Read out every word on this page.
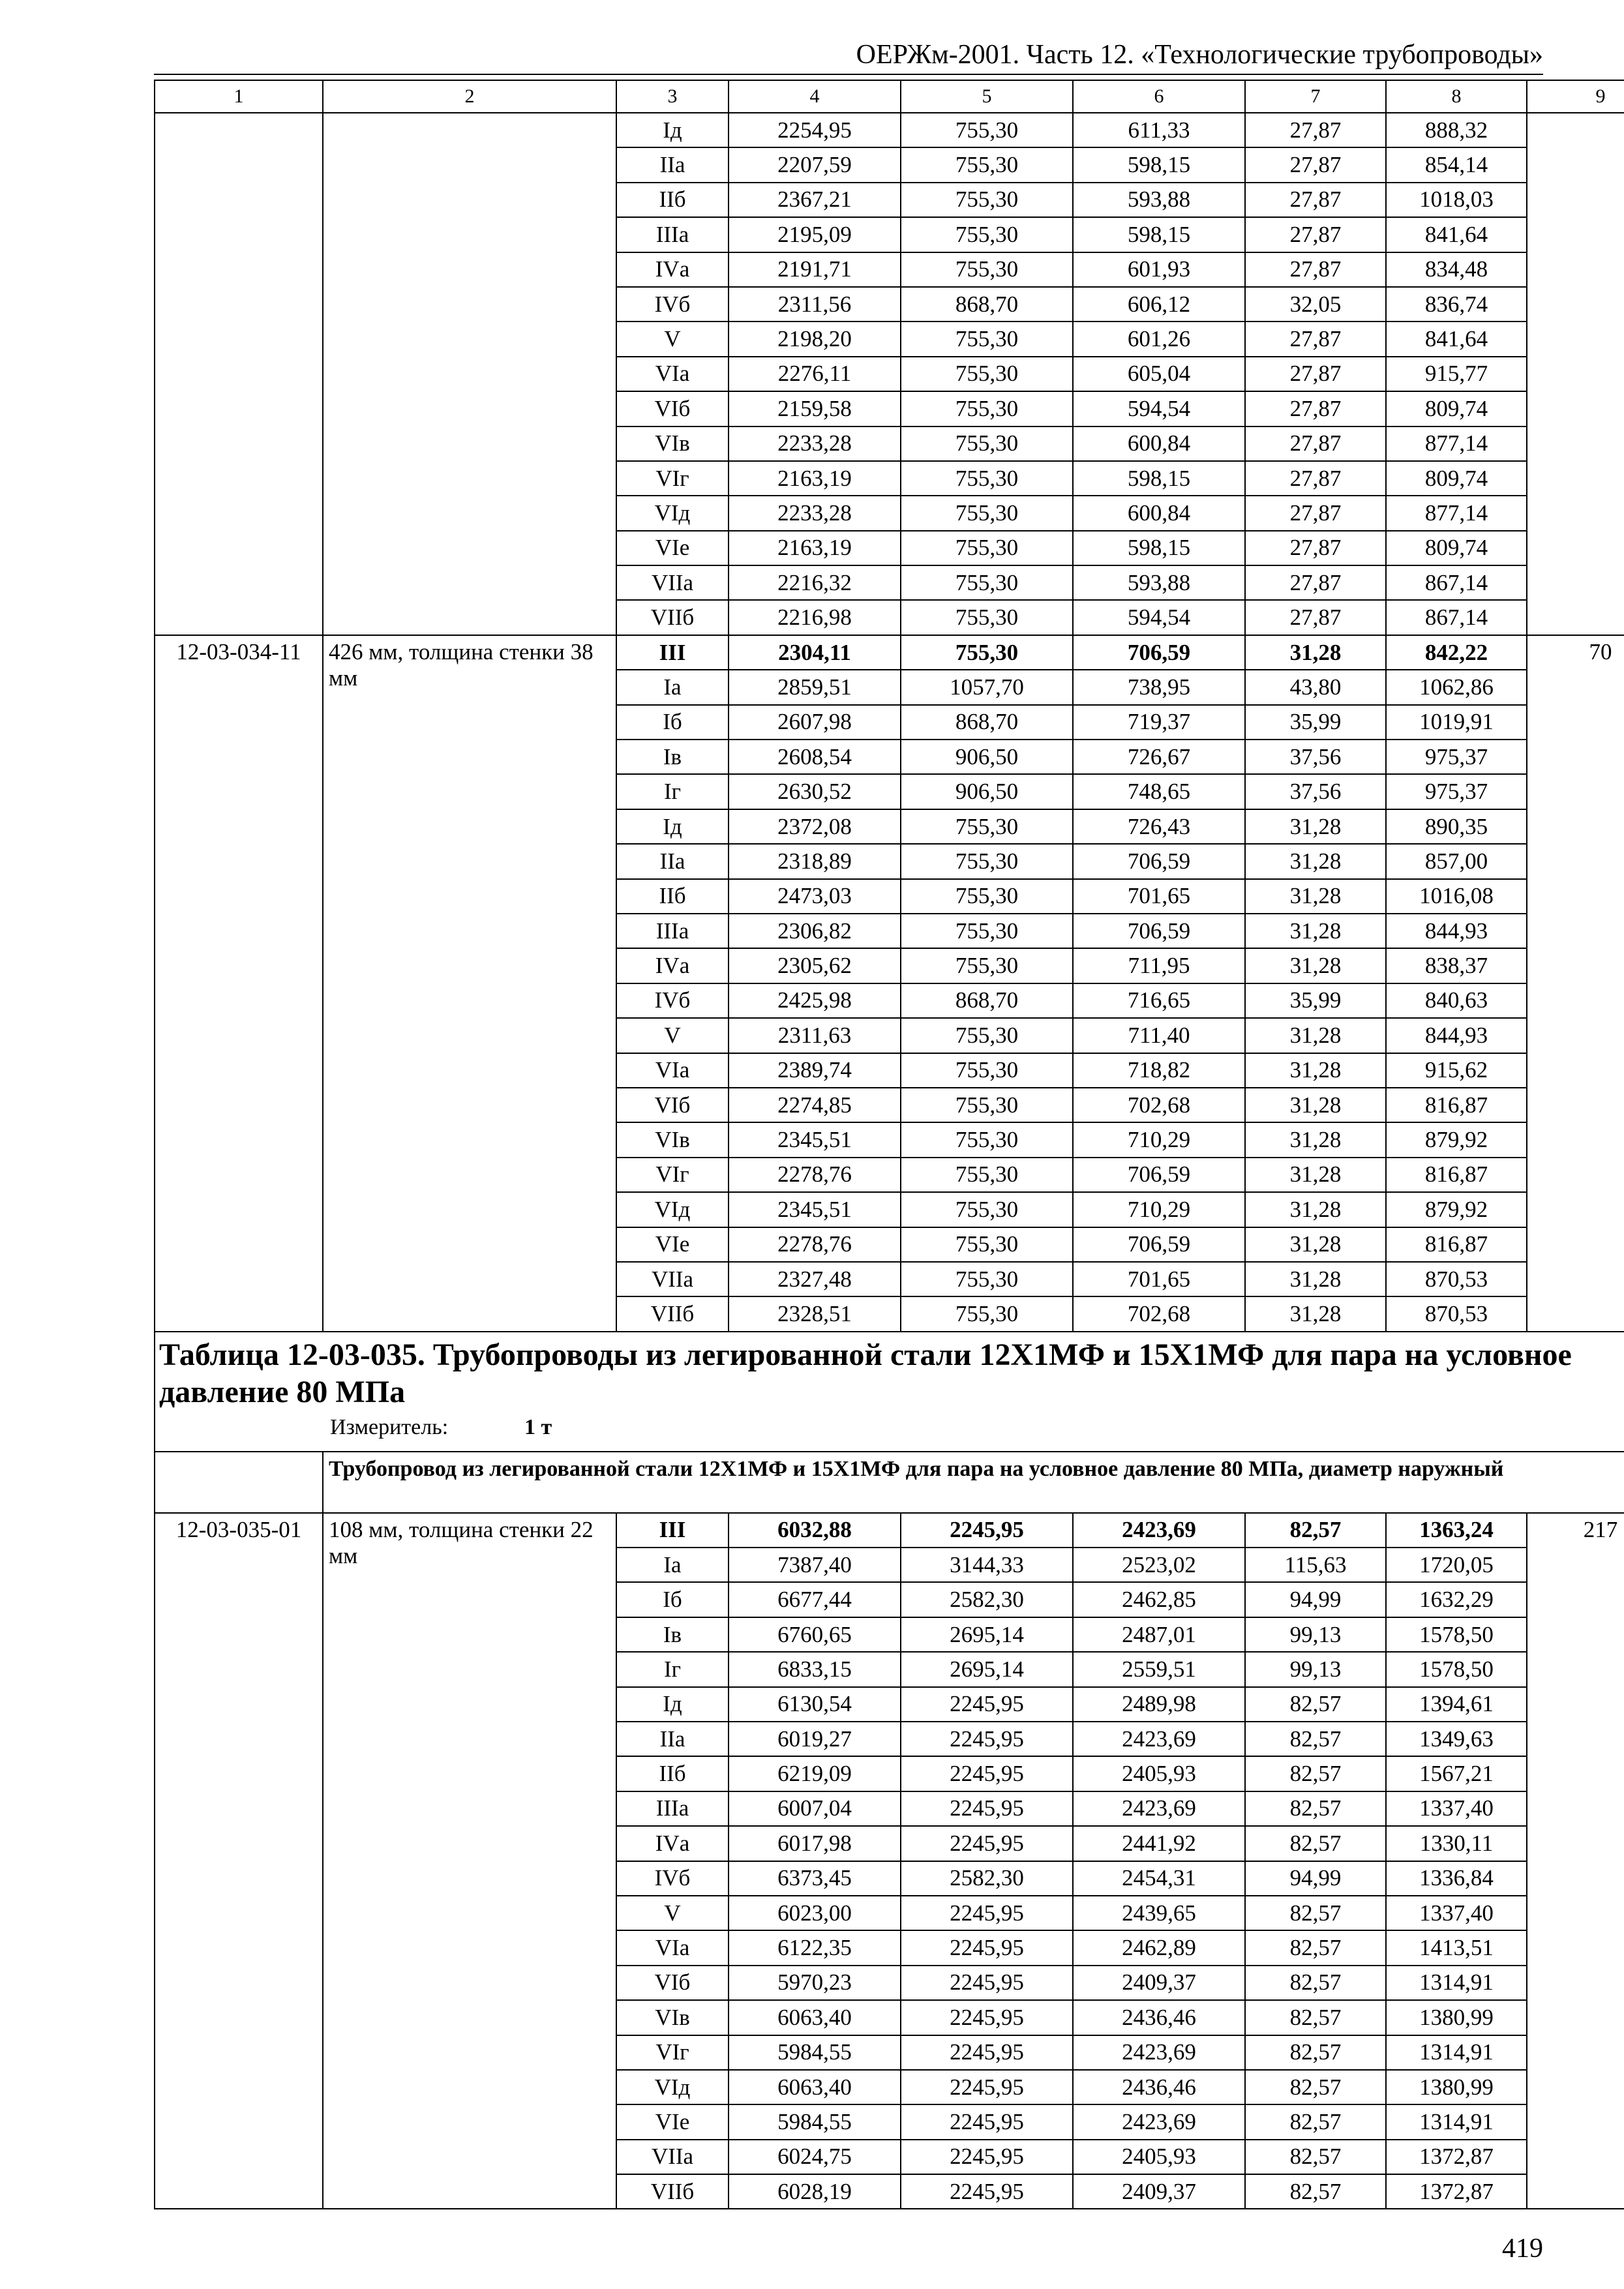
ОЕРЖм-2001. Часть 12. «Технологические трубопроводы»
1	2	3	4	5	6	7	8	9
		Iд	2254,95	755,30	611,33	27,87	888,32	
		IIа	2207,59	755,30	598,15	27,87	854,14	
		IIб	2367,21	755,30	593,88	27,87	1018,03	
		IIIа	2195,09	755,30	598,15	27,87	841,64	
		IVа	2191,71	755,30	601,93	27,87	834,48	
		IVб	2311,56	868,70	606,12	32,05	836,74	
		V	2198,20	755,30	601,26	27,87	841,64	
		VIа	2276,11	755,30	605,04	27,87	915,77	
		VIб	2159,58	755,30	594,54	27,87	809,74	
		VIв	2233,28	755,30	600,84	27,87	877,14	
		VIг	2163,19	755,30	598,15	27,87	809,74	
		VIд	2233,28	755,30	600,84	27,87	877,14	
		VIе	2163,19	755,30	598,15	27,87	809,74	
		VIIа	2216,32	755,30	593,88	27,87	867,14	
		VIIб	2216,98	755,30	594,54	27,87	867,14	
12-03-034-11	426 мм, толщина стенки 38 мм	III	2304,11	755,30	706,59	31,28	842,22	70
		Iа	2859,51	1057,70	738,95	43,80	1062,86	
		Iб	2607,98	868,70	719,37	35,99	1019,91	
		Iв	2608,54	906,50	726,67	37,56	975,37	
		Iг	2630,52	906,50	748,65	37,56	975,37	
		Iд	2372,08	755,30	726,43	31,28	890,35	
		IIа	2318,89	755,30	706,59	31,28	857,00	
		IIб	2473,03	755,30	701,65	31,28	1016,08	
		IIIа	2306,82	755,30	706,59	31,28	844,93	
		IVа	2305,62	755,30	711,95	31,28	838,37	
		IVб	2425,98	868,70	716,65	35,99	840,63	
		V	2311,63	755,30	711,40	31,28	844,93	
		VIа	2389,74	755,30	718,82	31,28	915,62	
		VIб	2274,85	755,30	702,68	31,28	816,87	
		VIв	2345,51	755,30	710,29	31,28	879,92	
		VIг	2278,76	755,30	706,59	31,28	816,87	
		VIд	2345,51	755,30	710,29	31,28	879,92	
		VIе	2278,76	755,30	706,59	31,28	816,87	
		VIIа	2327,48	755,30	701,65	31,28	870,53	
		VIIб	2328,51	755,30	702,68	31,28	870,53	

Таблица 12-03-035. Трубопроводы из легированной стали 12Х1МФ и 15Х1МФ для пара на условное давление 80 МПа
Измеритель: 1 т								

	Трубопровод из легированной стали 12Х1МФ и 15Х1МФ для пара на условное давление 80 МПа, диаметр наружный							
12-03-035-01	108 мм, толщина стенки 22 мм	III	6032,88	2245,95	2423,69	82,57	1363,24	217
		Iа	7387,40	3144,33	2523,02	115,63	1720,05	
		Iб	6677,44	2582,30	2462,85	94,99	1632,29	
		Iв	6760,65	2695,14	2487,01	99,13	1578,50	
		Iг	6833,15	2695,14	2559,51	99,13	1578,50	
		Iд	6130,54	2245,95	2489,98	82,57	1394,61	
		IIа	6019,27	2245,95	2423,69	82,57	1349,63	
		IIб	6219,09	2245,95	2405,93	82,57	1567,21	
		IIIа	6007,04	2245,95	2423,69	82,57	1337,40	
		IVа	6017,98	2245,95	2441,92	82,57	1330,11	
		IVб	6373,45	2582,30	2454,31	94,99	1336,84	
		V	6023,00	2245,95	2439,65	82,57	1337,40	
		VIа	6122,35	2245,95	2462,89	82,57	1413,51	
		VIб	5970,23	2245,95	2409,37	82,57	1314,91	
		VIв	6063,40	2245,95	2436,46	82,57	1380,99	
		VIг	5984,55	2245,95	2423,69	82,57	1314,91	
		VIд	6063,40	2245,95	2436,46	82,57	1380,99	
		VIе	5984,55	2245,95	2423,69	82,57	1314,91	
		VIIа	6024,75	2245,95	2405,93	82,57	1372,87	
		VIIб	6028,19	2245,95	2409,37	82,57	1372,87	
419
